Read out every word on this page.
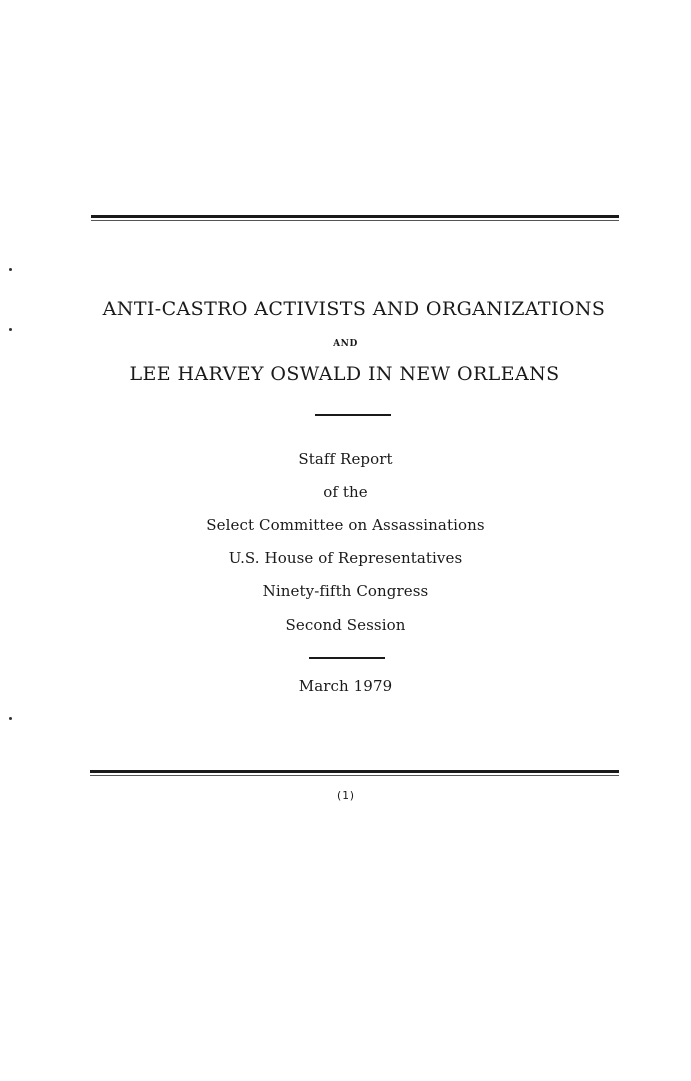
ANTI-CASTRO ACTIVISTS AND ORGANIZATIONS
AND
LEE HARVEY OSWALD IN NEW ORLEANS
Staff Report
of the
Select Committee on Assassinations
U.S. House of Representatives
Ninety-fifth Congress
Second Session
March 1979
(1)
